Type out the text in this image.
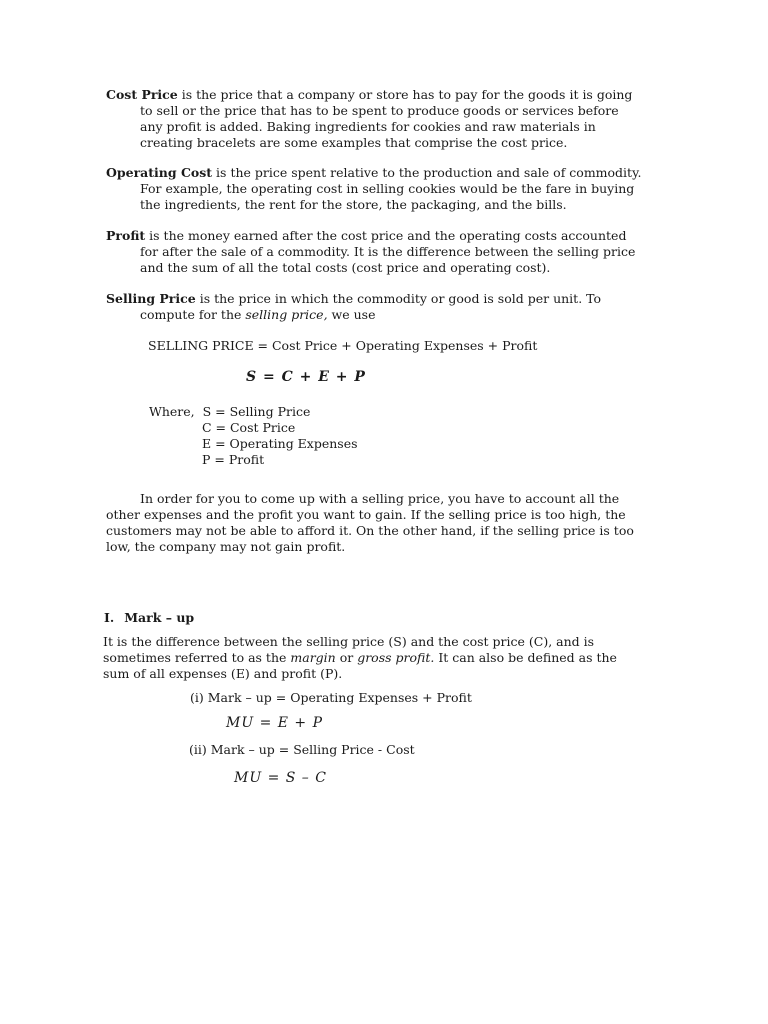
Cost Price is the price that a company or store has to pay for the goods it is going
to sell or the price that has to be spent to produce goods or services before
any profit is added. Baking ingredients for cookies and raw materials in
creating bracelets are some examples that comprise the cost price.
Operating Cost is the price spent relative to the production and sale of commodity.
For example, the operating cost in selling cookies would be the fare in buying
the ingredients, the rent for the store, the packaging, and the bills.
Profit is the money earned after the cost price and the operating costs accounted
for after the sale of a commodity. It is the difference between the selling price
and the sum of all the total costs (cost price and operating cost).
Selling Price is the price in which the commodity or good is sold per unit. To
compute for the selling price, we use
SELLING PRICE = Cost Price + Operating Expenses + Profit
S = C + E + P
Where, S = Selling Price
C = Cost Price
E = Operating Expenses
P = Profit
In order for you to come up with a selling price, you have to account all the
other expenses and the profit you want to gain. If the selling price is too high, the
customers may not be able to afford it. On the other hand, if the selling price is too
low, the company may not gain profit.
I. Mark – up
It is the difference between the selling price (S) and the cost price (C), and is
sometimes referred to as the margin or gross profit. It can also be defined as the
sum of all expenses (E) and profit (P).
(i) Mark – up = Operating Expenses + Profit
MU = E + P
(ii) Mark – up = Selling Price - Cost
MU = S – C
